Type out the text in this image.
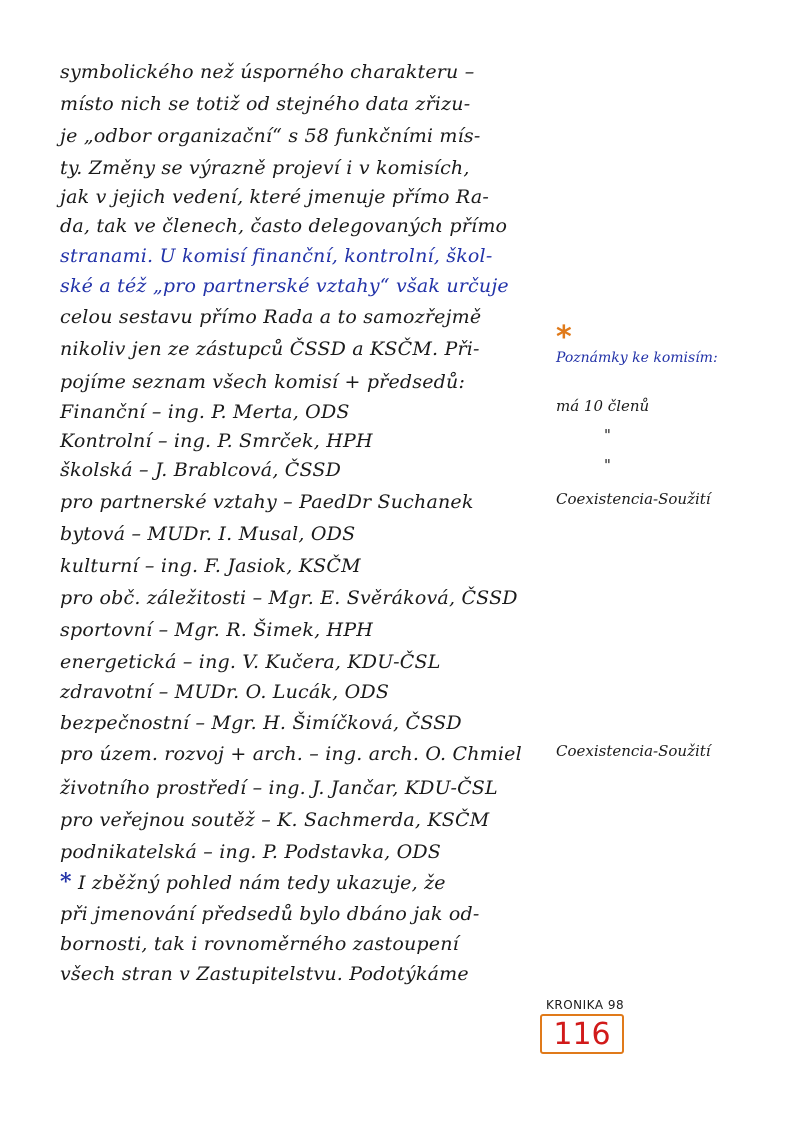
symbolického než úsporného charakteru –
místo nich se totiž od stejného data zřizu-
je „odbor organizační“ s 58 funkčními mís-
ty. Změny se výrazně projeví i v komisích,
jak v jejich vedení, které jmenuje přímo Ra-
da, tak ve členech, často delegovaných přímo
stranami. U komisí finanční, kontrolní, škol-
ské a též „pro partnerské vztahy“ však určuje
celou sestavu přímo Rada a to samozřejmě
nikoliv jen ze zástupců ČSSD a KSČM. Při-
pojíme seznam všech komisí + předsedů:
Finanční – ing. P. Merta, ODS
Kontrolní – ing. P. Smrček, HPH
školská – J. Brablcová, ČSSD
pro partnerské vztahy – PaedDr Suchanek
bytová – MUDr. I. Musal, ODS
kulturní – ing. F. Jasiok, KSČM
pro obč. záležitosti – Mgr. E. Svěráková, ČSSD
sportovní – Mgr. R. Šimek, HPH
energetická – ing. V. Kučera, KDU-ČSL
zdravotní – MUDr. O. Lucák, ODS
bezpečnostní – Mgr. H. Šimíčková, ČSSD
pro územ. rozvoj + arch. – ing. arch. O. Chmiel
životního prostředí – ing. J. Jančar, KDU-ČSL
pro veřejnou soutěž – K. Sachmerda, KSČM
podnikatelská – ing. P. Podstavka, ODS
* I zběžný pohled nám tedy ukazuje, že
při jmenování předsedů bylo dbáno jak od-
bornosti, tak i rovnoměrného zastoupení
všech stran v Zastupitelstvu. Podotýkáme
*
Poznámky ke komisím:
má 10 členů
"
"
Coexistencia-Soužití
Coexistencia-Soužití
KRONIKA 98
116
